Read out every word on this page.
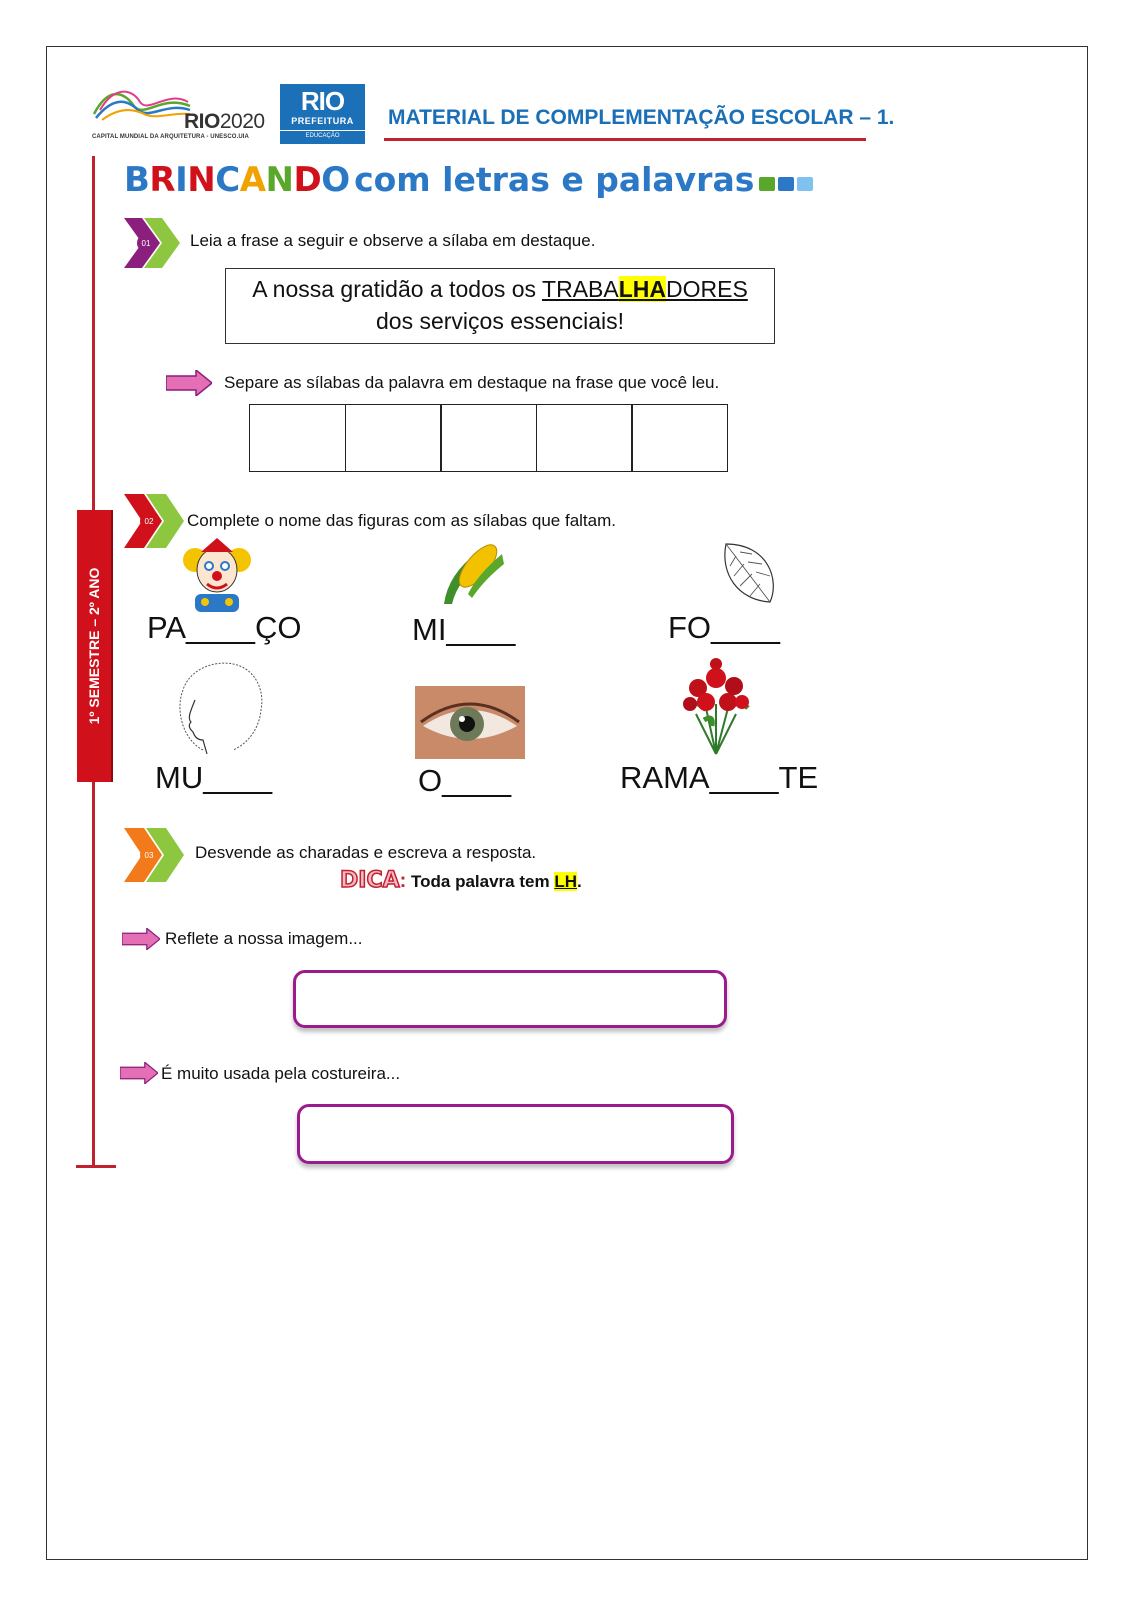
RIO2020
CAPITAL MUNDIAL DA ARQUITETURA - UNESCO.UIA
RIO
PREFEITURA
EDUCAÇÃO
MATERIAL DE COMPLEMENTAÇÃO ESCOLAR – 1.
1º SEMESTRE – 2º ANO
BRINCANDO com letras e palavras
01 Leia a frase a seguir e observe a sílaba em destaque.
A nossa gratidão a todos os TRABALHADORES
dos serviços essenciais!
Separe as sílabas da palavra em destaque na frase que você leu.
02 Complete o nome das figuras com as sílabas que faltam.
PA____ÇO	MI____	FO____
MU____	O____	RAMA____TE
03 Desvende as charadas e escreva a resposta.
DICA: Toda palavra tem LH.
Reflete a nossa imagem...
É muito usada pela costureira...
